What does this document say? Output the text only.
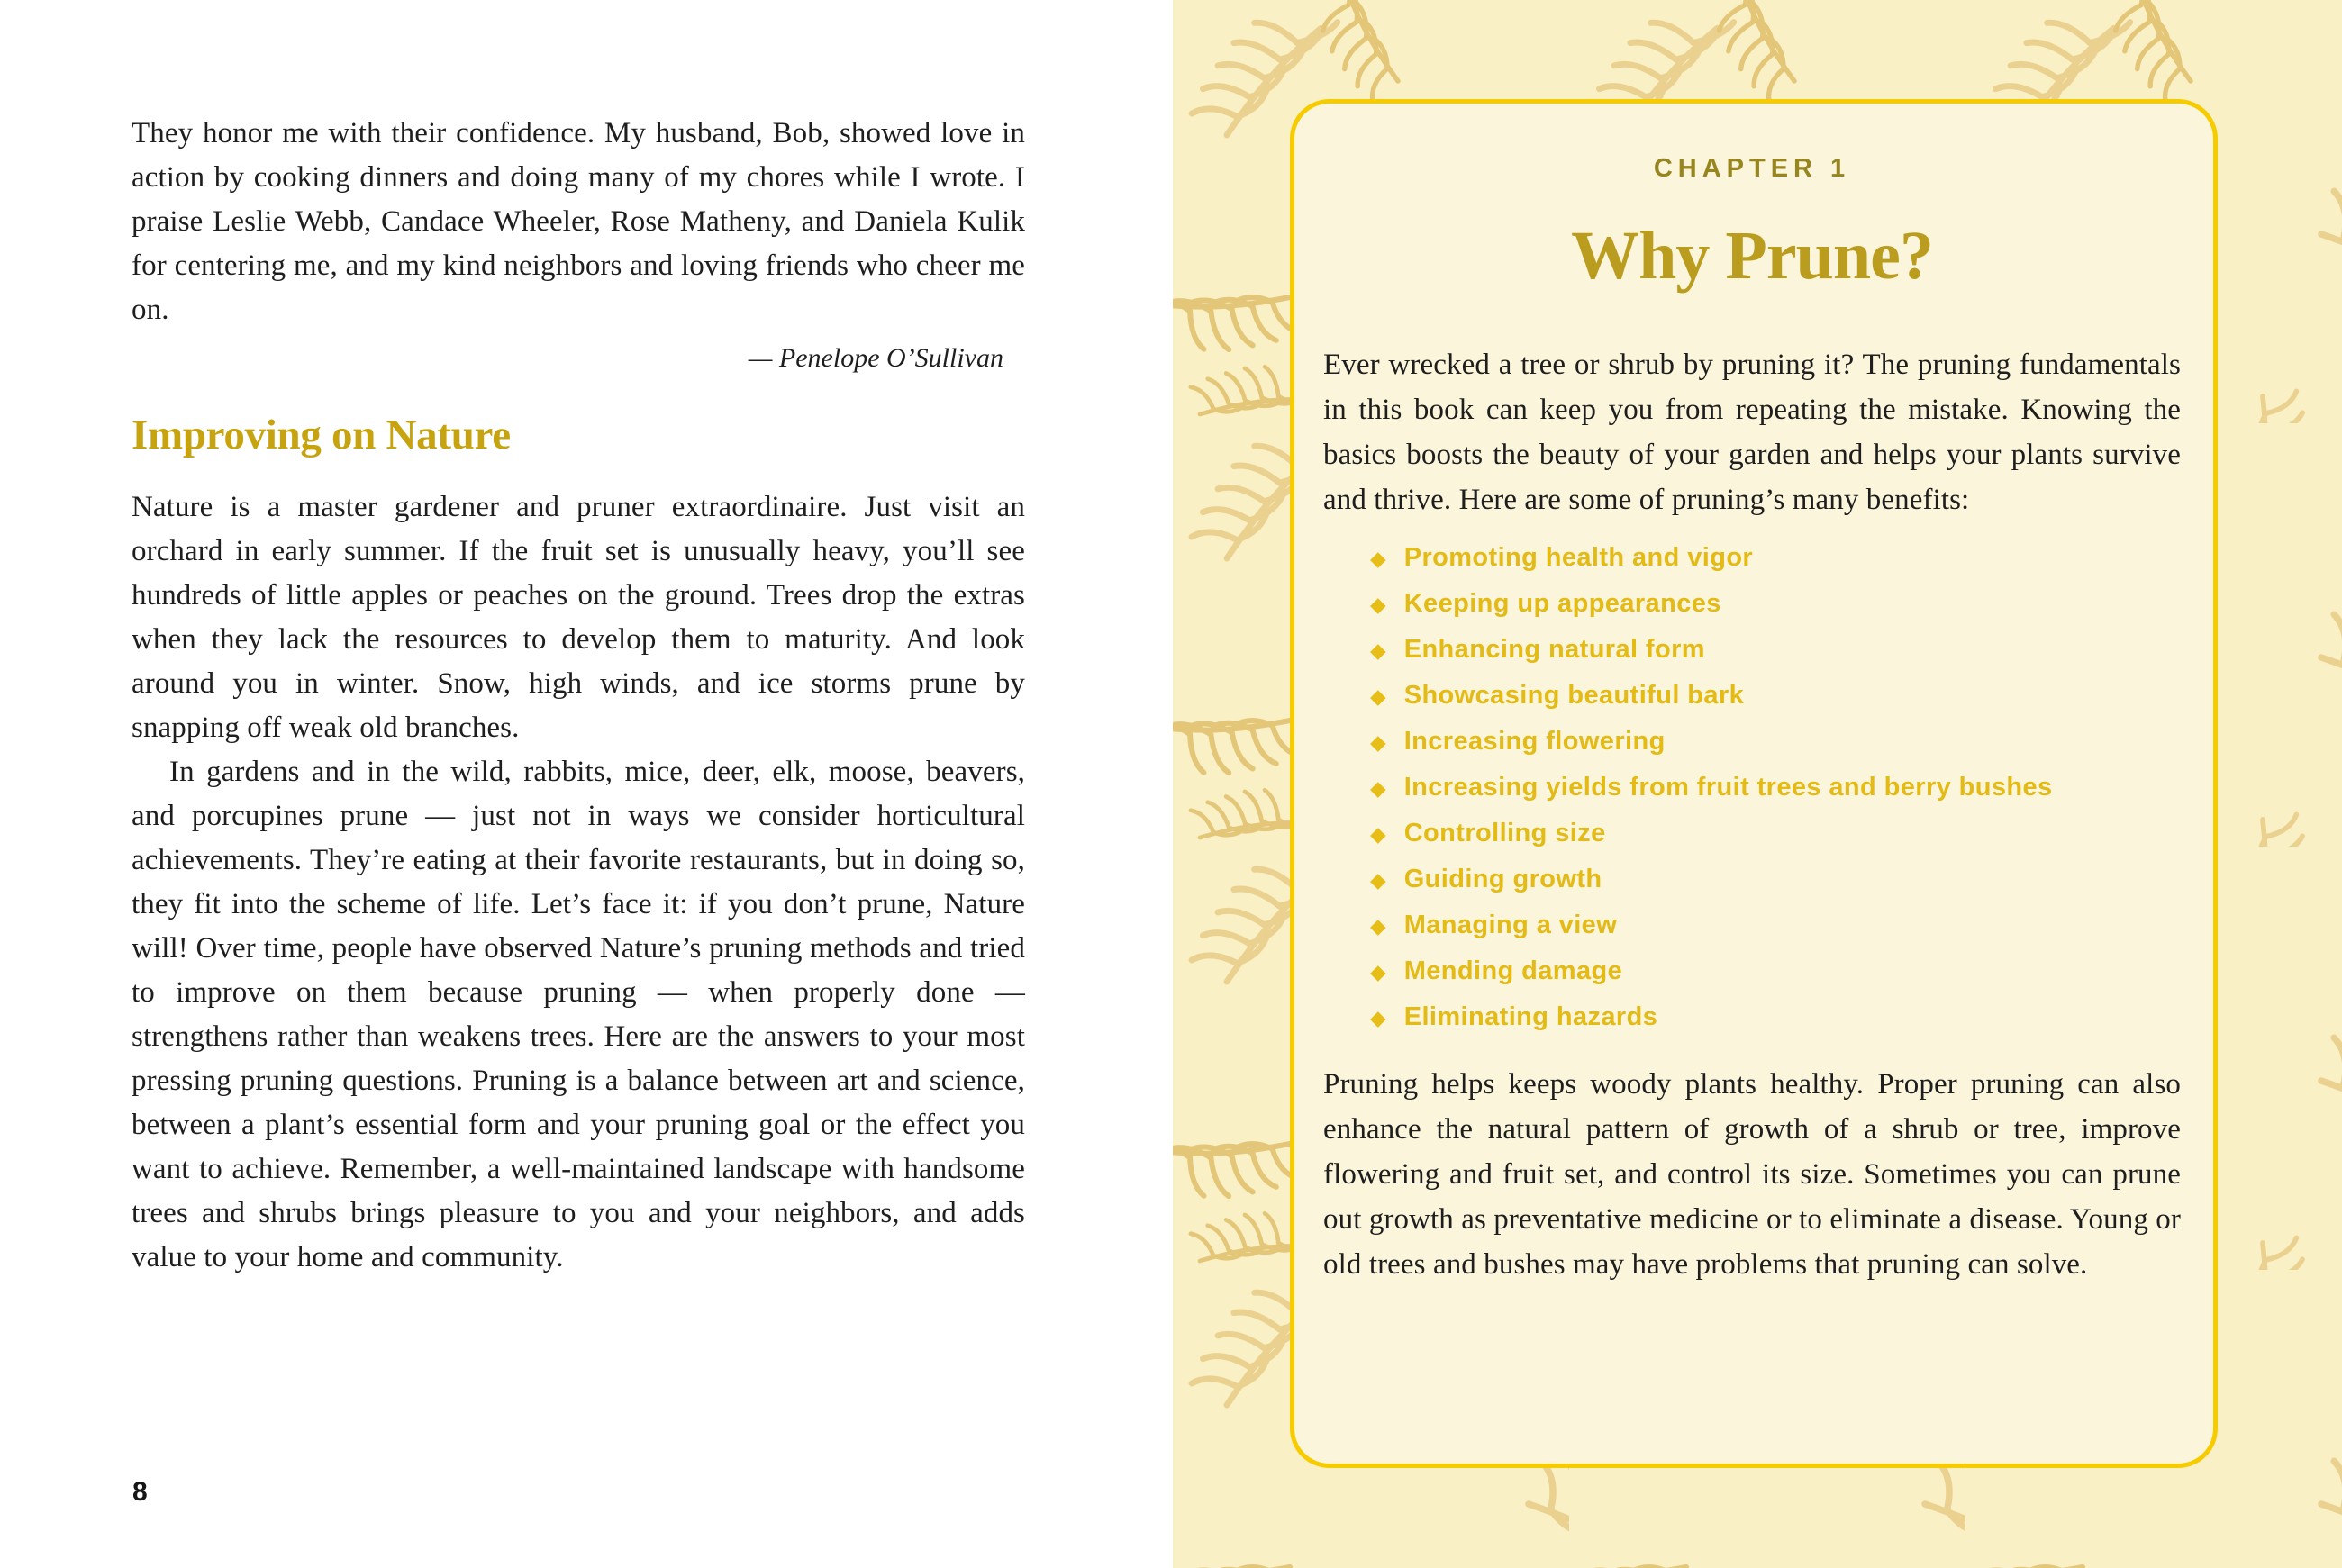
They honor me with their confidence. My husband, Bob, showed love in action by cooking dinners and doing many of my chores while I wrote. I praise Leslie Webb, Candace Wheeler, Rose Matheny, and Daniela Kulik for centering me, and my kind neighbors and loving friends who cheer me on.

— Penelope O’Sullivan

Improving on Nature

Nature is a master gardener and pruner extraordinaire. Just visit an orchard in early summer. If the fruit set is unusually heavy, you’ll see hundreds of little apples or peaches on the ground. Trees drop the extras when they lack the resources to develop them to maturity. And look around you in winter. Snow, high winds, and ice storms prune by snapping off weak old branches.

In gardens and in the wild, rabbits, mice, deer, elk, moose, beavers, and porcupines prune — just not in ways we consider horticultural achievements. They’re eating at their favorite restaurants, but in doing so, they fit into the scheme of life. Let’s face it: if you don’t prune, Nature will! Over time, people have observed Nature’s pruning methods and tried to improve on them because pruning — when properly done — strengthens rather than weakens trees. Here are the answers to your most pressing pruning questions. Pruning is a balance between art and science, between a plant’s essential form and your pruning goal or the effect you want to achieve. Remember, a well-maintained landscape with handsome trees and shrubs brings pleasure to you and your neighbors, and adds value to your home and community.

8
CHAPTER 1
Why Prune?

Ever wrecked a tree or shrub by pruning it? The pruning fundamentals in this book can keep you from repeating the mistake. Knowing the basics boosts the beauty of your garden and helps your plants survive and thrive. Here are some of pruning’s many benefits:

◆ Promoting health and vigor
◆ Keeping up appearances
◆ Enhancing natural form
◆ Showcasing beautiful bark
◆ Increasing flowering
◆ Increasing yields from fruit trees and berry bushes
◆ Controlling size
◆ Guiding growth
◆ Managing a view
◆ Mending damage
◆ Eliminating hazards

Pruning helps keeps woody plants healthy. Proper pruning can also enhance the natural pattern of growth of a shrub or tree, improve flowering and fruit set, and control its size. Sometimes you can prune out growth as preventative medicine or to eliminate a disease. Young or old trees and bushes may have problems that pruning can solve.
